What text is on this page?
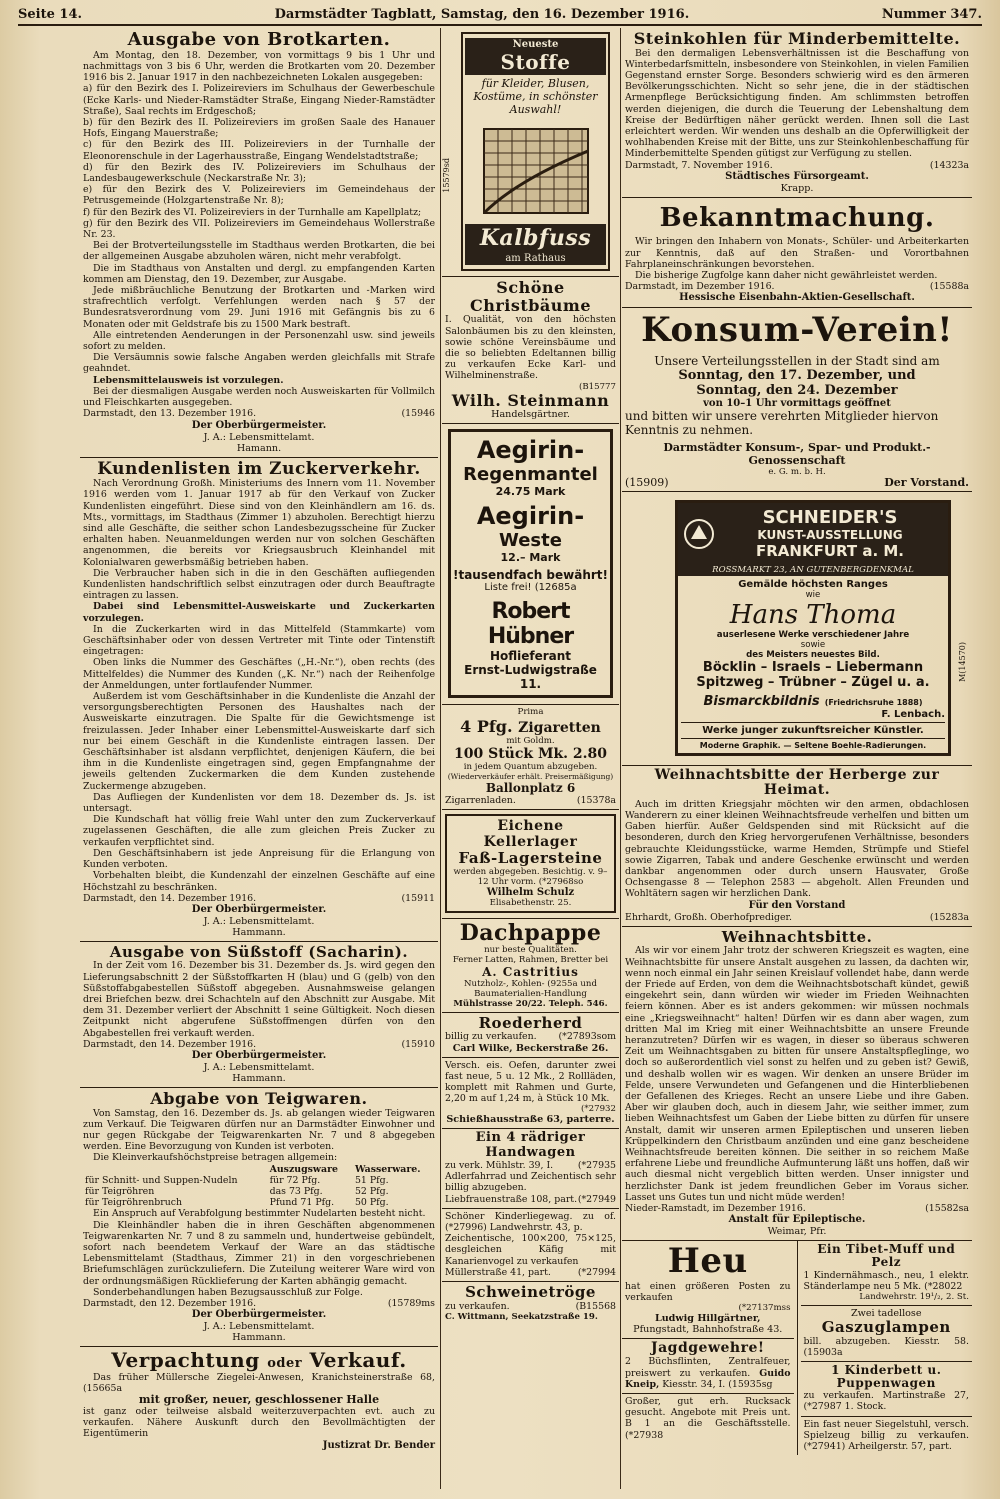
Seite 14.	Darmstädter Tagblatt, Samstag, den 16. Dezember 1916.	Nummer 347.
Ausgabe von Brotkarten.

Am Montag, den 18. Dezember, von vormittags 9 bis 1 Uhr und nachmittags von 3 bis 6 Uhr, werden die Brotkarten vom 20. Dezember 1916 bis 2. Januar 1917 in den nachbezeichneten Lokalen ausgegeben:

a) für den Bezirk des I. Polizeireviers im Schulhaus der Gewerbeschule (Ecke Karls- und Nieder-Ramstädter Straße, Eingang Nieder-Ramstädter Straße), Saal rechts im Erdgeschoß;

b) für den Bezirk des II. Polizeireviers im großen Saale des Hanauer Hofs, Eingang Mauerstraße;

c) für den Bezirk des III. Polizeireviers in der Turnhalle der Eleonorenschule in der Lagerhausstraße, Eingang Wendelstadtstraße;

d) für den Bezirk des IV. Polizeireviers im Schulhaus der Landesbaugewerkschule (Neckarstraße Nr. 3);

e) für den Bezirk des V. Polizeireviers im Gemeindehaus der Petrusgemeinde (Holzgartenstraße Nr. 8);

f) für den Bezirk des VI. Polizeireviers in der Turnhalle am Kapellplatz;

g) für den Bezirk des VII. Polizeireviers im Gemeindehaus Wollerstraße Nr. 23.

Bei der Brotverteilungsstelle im Stadthaus werden Brotkarten, die bei der allgemeinen Ausgabe abzuholen wären, nicht mehr verabfolgt.

Die im Stadthaus von Anstalten und dergl. zu empfangenden Karten kommen am Dienstag, den 19. Dezember, zur Ausgabe.

Jede mißbräuchliche Benutzung der Brotkarten und -Marken wird strafrechtlich verfolgt. Verfehlungen werden nach § 57 der Bundesratsverordnung vom 29. Juni 1916 mit Gefängnis bis zu 6 Monaten oder mit Geldstrafe bis zu 1500 Mark bestraft.

Alle eintretenden Aenderungen in der Personenzahl usw. sind jeweils sofort zu melden.

Die Versäumnis sowie falsche Angaben werden gleichfalls mit Strafe geahndet.

Lebensmittelausweis ist vorzulegen.

Bei der diesmaligen Ausgabe werden noch Ausweiskarten für Vollmilch und Fleischkarten ausgegeben.

Darmstadt, den 13. Dezember 1916.	(15946
Der Oberbürgermeister.
J. A.: Lebensmittelamt.
Hamann.
Kundenlisten im Zuckerverkehr.

Nach Verordnung Großh. Ministeriums des Innern vom 11. November 1916 werden vom 1. Januar 1917 ab für den Verkauf von Zucker Kundenlisten eingeführt. Diese sind von den Kleinhändlern am 16. ds. Mts., vormittags, im Stadthaus (Zimmer 1) abzuholen. Berechtigt hierzu sind alle Geschäfte, die seither schon Landesbezugsscheine für Zucker erhalten haben. Neuanmeldungen werden nur von solchen Geschäften angenommen, die bereits vor Kriegsausbruch Kleinhandel mit Kolonialwaren gewerbsmäßig betrieben haben.

Die Verbraucher haben sich in die in den Geschäften aufliegenden Kundenlisten handschriftlich selbst einzutragen oder durch Beauftragte eintragen zu lassen.

Dabei sind Lebensmittel-Ausweiskarte und Zuckerkarten vorzulegen.

In die Zuckerkarten wird in das Mittelfeld (Stammkarte) vom Geschäftsinhaber oder von dessen Vertreter mit Tinte oder Tintenstift eingetragen:

Oben links die Nummer des Geschäftes („H.-Nr.“), oben rechts (des Mittelfeldes) die Nummer des Kunden („K. Nr.“) nach der Reihenfolge der Anmeldungen, unter fortlaufender Nummer.

Außerdem ist vom Geschäftsinhaber in die Kundenliste die Anzahl der versorgungsberechtigten Personen des Haushaltes nach der Ausweiskarte einzutragen. Die Spalte für die Gewichtsmenge ist freizulassen. Jeder Inhaber einer Lebensmittel-Ausweiskarte darf sich nur bei einem Geschäft in die Kundenliste eintragen lassen. Der Geschäftsinhaber ist alsdann verpflichtet, denjenigen Käufern, die bei ihm in die Kundenliste eingetragen sind, gegen Empfangnahme der jeweils geltenden Zuckermarken die dem Kunden zustehende Zuckermenge abzugeben.

Das Aufliegen der Kundenlisten vor dem 18. Dezember ds. Js. ist untersagt.

Die Kundschaft hat völlig freie Wahl unter den zum Zuckerverkauf zugelassenen Geschäften, die alle zum gleichen Preis Zucker zu verkaufen verpflichtet sind.

Den Geschäftsinhabern ist jede Anpreisung für die Erlangung von Kunden verboten.

Vorbehalten bleibt, die Kundenzahl der einzelnen Geschäfte auf eine Höchstzahl zu beschränken.

Darmstadt, den 14. Dezember 1916.	(15911
Der Oberbürgermeister.
J. A.: Lebensmittelamt.
Hammann.
Ausgabe von Süßstoff (Sacharin).

In der Zeit vom 16. Dezember bis 31. Dezember ds. Js. wird gegen den Lieferungsabschnitt 2 der Süßstoffkarten H (blau) und G (gelb) von den Süßstoffabgabestellen Süßstoff abgegeben. Ausnahmsweise gelangen drei Briefchen bezw. drei Schachteln auf den Abschnitt zur Ausgabe. Mit dem 31. Dezember verliert der Abschnitt 1 seine Gültigkeit. Noch diesen Zeitpunkt nicht abgerufene Süßstoffmengen dürfen von den Abgabestellen frei verkauft werden.

Darmstadt, den 14. Dezember 1916.	(15910
Der Oberbürgermeister.
J. A.: Lebensmittelamt.
Hammann.
Abgabe von Teigwaren.

Von Samstag, den 16. Dezember ds. Js. ab gelangen wieder Teigwaren zum Verkauf. Die Teigwaren dürfen nur an Darmstädter Einwohner und nur gegen Rückgabe der Teigwarenkarten Nr. 7 und 8 abgegeben werden. Eine Bevorzugung von Kunden ist verboten.

Die Kleinverkaufshöchstpreise betragen allgemein:

	Auszugsware	Wasserware.
für Schnitt- und Suppen-Nudeln	für 72 Pfg.	51 Pfg.
für Teigröhren	das 73 Pfg.	52 Pfg.
für Teigröhrenbruch	Pfund 71 Pfg.	50 Pfg.

Ein Anspruch auf Verabfolgung bestimmter Nudelarten besteht nicht.

Die Kleinhändler haben die in ihren Geschäften abgenommenen Teigwarenkarten Nr. 7 und 8 zu sammeln und, hundertweise gebündelt, sofort nach beendetem Verkauf der Ware an das städtische Lebensmittelamt (Stadthaus, Zimmer 21) in den vorgeschriebenen Briefumschlägen zurückzuliefern. Die Zuteilung weiterer Ware wird von der ordnungsmäßigen Rücklieferung der Karten abhängig gemacht.

Sonderbehandlungen haben Bezugsausschluß zur Folge.

Darmstadt, den 12. Dezember 1916.	(15789ms
Der Oberbürgermeister.
J. A.: Lebensmittelamt.
Hammann.
Verpachtung oder Verkauf.

Das früher Müllersche Ziegelei-Anwesen, Kranichsteinerstraße 68, (15665a

mit großer, neuer, geschlossener Halle

ist ganz oder teilweise alsbald weiterzuverpachten evt. auch zu verkaufen. Nähere Auskunft durch den Bevollmächtigten der Eigentümerin

Justizrat Dr. Bender
Neueste
Stoffe
für Kleider, Blusen, Kostüme, in schönster Auswahl!
Kalbfuss
am Rathaus
15579sd
Schöne Christbäume

I. Qualität, von den höchsten Salonbäumen bis zu den kleinsten, sowie schöne Vereinsbäume und die so beliebten Edeltannen billig zu verkaufen Ecke Karl- und Wilhelminenstraße.

(B15777
Wilh. Steinmann
Handelsgärtner.
Aegirin-
Regenmantel
24.75 Mark
Aegirin-
Weste
12.– Mark
!tausendfach bewährt!
Liste frei! (12685a
Robert Hübner
Hoflieferant
Ernst-Ludwigstraße 11.
Prima
4 Pfg. Zigaretten
mit Goldm.
100 Stück Mk. 2.80
in jedem Quantum abzugeben.
(Wiederverkäufer erhält. Preisermäßigung)
Ballonplatz 6
Zigarrenladen.	(15378a
Eichene Kellerlager
Faß-Lagersteine
werden abgegeben. Besichtig. v. 9–12 Uhr vorm. (*27968so
Wilhelm Schulz
Elisabethenstr. 25.
Dachpappe
nur beste Qualitäten.
Ferner Latten, Rahmen, Bretter bei
A. Castritius
Nutzholz-, Kohlen- (9255a und Baumaterialien-Handlung
Mühlstrasse 20/22. Teleph. 546.
Roederherd
billig zu verkaufen. (*27893som
Carl Wilke, Beckerstraße 26.

Versch. eis. Oefen, darunter zwei fast neue, 5 u. 12 Mk., 2 Rollläden, komplett mit Rahmen und Gurte, 2,20 m auf 1,24 m, à Stück 10 Mk.

(*27932
Schießhausstraße 63, parterre.
Ein 4 rädriger Handwagen
zu verk. Mühlstr. 39, I.	(*27935

Adlerfahrrad und Zeichentisch sehr billig abzugeben.

Liebfrauenstraße 108, part. (*27949

Schöner Kinderliegewag. zu of. (*27996) Landwehrstr. 43, p.

Zeichentische, 100×200, 75×125, desgleichen Käfig mit Kanarienvogel zu verkaufen

Müllerstraße 41, part.	(*27994
Schweinetröge
zu verkaufen.	(B15568
C. Wittmann, Seekatzstraße 19.
Steinkohlen für Minderbemittelte.

Bei den dermaligen Lebensverhältnissen ist die Beschaffung von Winterbedarfsmitteln, insbesondere von Steinkohlen, in vielen Familien Gegenstand ernster Sorge. Besonders schwierig wird es den ärmeren Bevölkerungsschichten. Nicht so sehr jene, die in der städtischen Armenpflege Berücksichtigung finden. Am schlimmsten betroffen werden diejenigen, die durch die Teuerung der Lebenshaltung dem Kreise der Bedürftigen näher gerückt werden. Ihnen soll die Last erleichtert werden. Wir wenden uns deshalb an die Opferwilligkeit der wohlhabenden Kreise mit der Bitte, uns zur Steinkohlenbeschaffung für Minderbemittelte Spenden gütigst zur Verfügung zu stellen.

Darmstadt, 7. November 1916.	(14323a
Städtisches Fürsorgeamt.
Krapp.
Bekanntmachung.

Wir bringen den Inhabern von Monats-, Schüler- und Arbeiterkarten zur Kenntnis, daß auf den Straßen- und Vorortbahnen Fahrplaneinschränkungen bevorstehen.

Die bisherige Zugfolge kann daher nicht gewährleistet werden.

Darmstadt, im Dezember 1916.	(15588a
Hessische Eisenbahn-Aktien-Gesellschaft.
Konsum-Verein!
Unsere Verteilungsstellen in der Stadt sind am
Sonntag, den 17. Dezember, und
Sonntag, den 24. Dezember
von 10–1 Uhr vormittags geöffnet
und bitten wir unsere verehrten Mitglieder hiervon Kenntnis zu nehmen.
Darmstädter Konsum-, Spar- und Produkt.-Genossenschaft
e. G. m. b. H.
(15909)	Der Vorstand.
SCHNEIDER'S
KUNST-AUSSTELLUNG
FRANKFURT a. M.
ROSSMARKT 23, AN GUTENBERGDENKMAL
Gemälde höchsten Ranges
wie
Hans Thoma
auserlesene Werke verschiedener Jahre
sowie
des Meisters neuestes Bild.
Böcklin – Israels – Liebermann
Spitzweg – Trübner – Zügel u. a.
Bismarckbildnis (Friedrichsruhe 1888)
F. Lenbach.
Werke junger zukunftsreicher Künstler.
Moderne Graphik. — Seltene Boehle-Radierungen.
M(14570)
Weihnachtsbitte der Herberge zur Heimat.

Auch im dritten Kriegsjahr möchten wir den armen, obdachlosen Wanderern zu einer kleinen Weihnachtsfreude verhelfen und bitten um Gaben hierfür. Außer Geldspenden sind mit Rücksicht auf die besonderen, durch den Krieg hervorgerufenen Verhältnisse, besonders gebrauchte Kleidungsstücke, warme Hemden, Strümpfe und Stiefel sowie Zigarren, Tabak und andere Geschenke erwünscht und werden dankbar angenommen oder durch unsern Hausvater, Große Ochsengasse 8 — Telephon 2583 — abgeholt. Allen Freunden und Wohltätern sagen wir herzlichen Dank.

Für den Vorstand
Ehrhardt, Großh. Oberhofprediger.	(15283a
Weihnachtsbitte.

Als wir vor einem Jahr trotz der schweren Kriegszeit es wagten, eine Weihnachtsbitte für unsere Anstalt ausgehen zu lassen, da dachten wir, wenn noch einmal ein Jahr seinen Kreislauf vollendet habe, dann werde der Friede auf Erden, von dem die Weihnachtsbotschaft kündet, gewiß eingekehrt sein, dann würden wir wieder im Frieden Weihnachten feiern können. Aber es ist anders gekommen: wir müssen nochmals eine „Kriegsweihnacht“ halten! Dürfen wir es dann aber wagen, zum dritten Mal im Krieg mit einer Weihnachtsbitte an unsere Freunde heranzutreten? Dürfen wir es wagen, in dieser so überaus schweren Zeit um Weihnachtsgaben zu bitten für unsere Anstaltspfleglinge, wo doch so außerordentlich viel sonst zu helfen und zu geben ist? Gewiß, und deshalb wollen wir es wagen. Wir denken an unsere Brüder im Felde, unsere Verwundeten und Gefangenen und die Hinterbliebenen der Gefallenen des Krieges. Recht an unsere Liebe und ihre Gaben. Aber wir glauben doch, auch in diesem Jahr, wie seither immer, zum lieben Weihnachtsfest um Gaben der Liebe bitten zu dürfen für unsere Anstalt, damit wir unseren armen Epileptischen und unseren lieben Krüppelkindern den Christbaum anzünden und eine ganz bescheidene Weihnachtsfreude bereiten können. Die seither in so reichem Maße erfahrene Liebe und freundliche Aufmunterung läßt uns hoffen, daß wir auch diesmal nicht vergeblich bitten werden. Unser innigster und herzlichster Dank ist jedem freundlichen Geber im Voraus sicher. Lasset uns Gutes tun und nicht müde werden!

Nieder-Ramstadt, im Dezember 1916.	(15582sa
Anstalt für Epileptische.
Weimar, Pfr.
Heu

hat einen größeren Posten zu verkaufen

(*27137mss
Ludwig Hillgärtner,
Pfungstadt, Bahnhofstraße 43.
Jagdgewehre!

2 Büchsflinten, Zentralfeuer, preiswert zu verkaufen. Guido Kneip, Kiesstr. 34, I. (15935sg

Großer, gut erh. Rucksack gesucht. Angebote mit Preis unt. B 1 an die Geschäftsstelle. (*27938

Ein Tibet-Muff und Pelz

1 Kindernähmasch., neu, 1 elektr. Ständerlampe neu 5 Mk. (*28022

Landwehrstr. 19¹/₂, 2. St.
Zwei tadellose
Gaszuglampen

bill. abzugeben. Kiesstr. 58. (15903a

1 Kinderbett u. Puppenwagen

zu verkaufen. Martinstraße 27, (*27987 1. Stock.

Ein fast neuer Siegelstuhl, versch. Spielzeug billig zu verkaufen. (*27941) Arheilgerstr. 57, part.
